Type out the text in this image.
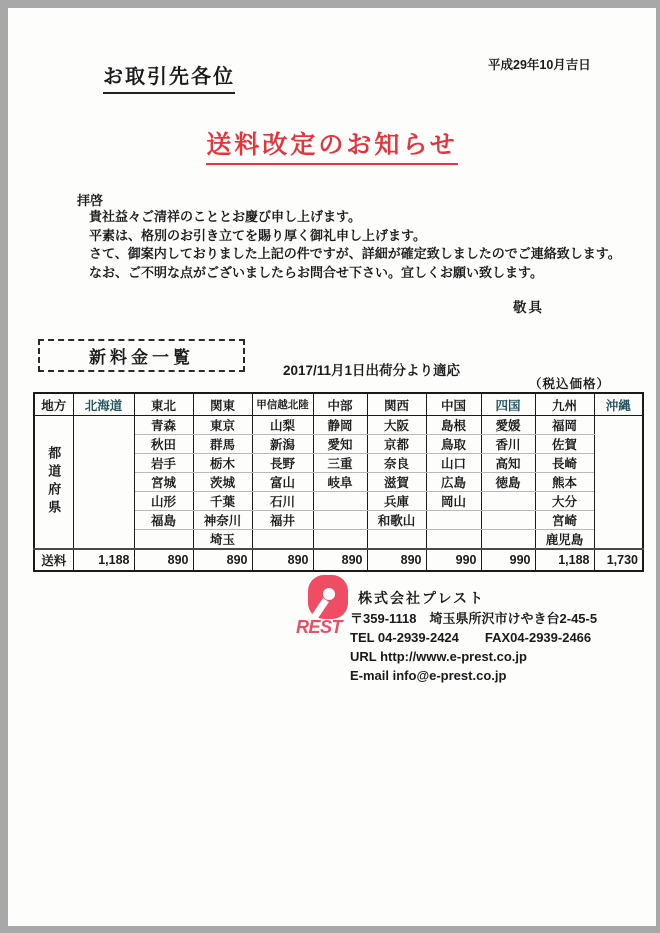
お取引先各位
平成29年10月吉日
送料改定のお知らせ
拝啓
貴社益々ご清祥のこととお慶び申し上げます。
平素は、格別のお引き立てを賜り厚く御礼申し上げます。
さて、御案内しておりました上記の件ですが、詳細が確定致しましたのでご連絡致します。
なお、ご不明な点がございましたらお問合せ下さい。宜しくお願い致します。
敬具
新料金一覧
2017/11月1日出荷分より適応
（税込価格）
地方	北海道	東北	関東	甲信越北陸	中部	関西	中国	四国	九州	沖縄

都道府県		青森	東京	山梨	静岡	大阪	島根	愛媛	福岡	
		秋田	群馬	新潟	愛知	京都	鳥取	香川	佐賀	
		岩手	栃木	長野	三重	奈良	山口	高知	長崎	
		宮城	茨城	富山	岐阜	滋賀	広島	徳島	熊本	
		山形	千葉	石川		兵庫	岡山		大分	
		福島	神奈川	福井		和歌山			宮崎	
			埼玉						鹿児島	
送料	1,188	890	890	890	890	890	990	990	1,188	1,730
REST
株式会社プレスト
〒359-1118　埼玉県所沢市けやき台2-45-5
TEL 04-2939-2424　　FAX04-2939-2466
URL http://www.e-prest.co.jp
E-mail info@e-prest.co.jp
